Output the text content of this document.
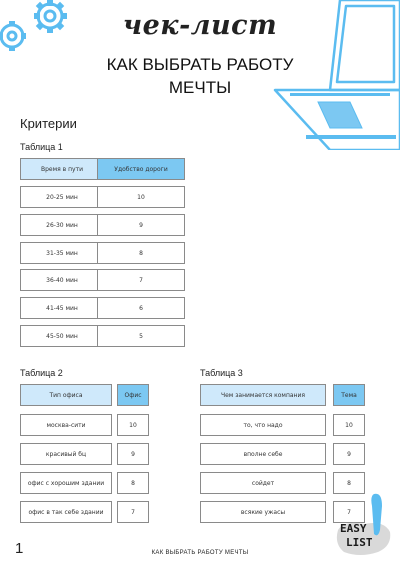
чек-лист
КАК ВЫБРАТЬ РАБОТУ
МЕЧТЫ
Критерии
Таблица 1
Время в пути	Удобство дороги
20-25 мин	10
26-30 мин	9
31-35 мин	8
36-40 мин	7
41-45 мин	6
45-50 мин	5
Таблица 2
Тип офиса	Офис
москва-сити	10
красивый бц	9
офис с хорошим здании	8
офис в так себе здании	7
Таблица 3
Чем занимается компания	Тема
то, что надо	10
вполне себе	9
сойдет	8
всякие ужасы	7
EASY
LIST
1	КАК ВЫБРАТЬ РАБОТУ МЕЧТЫ
